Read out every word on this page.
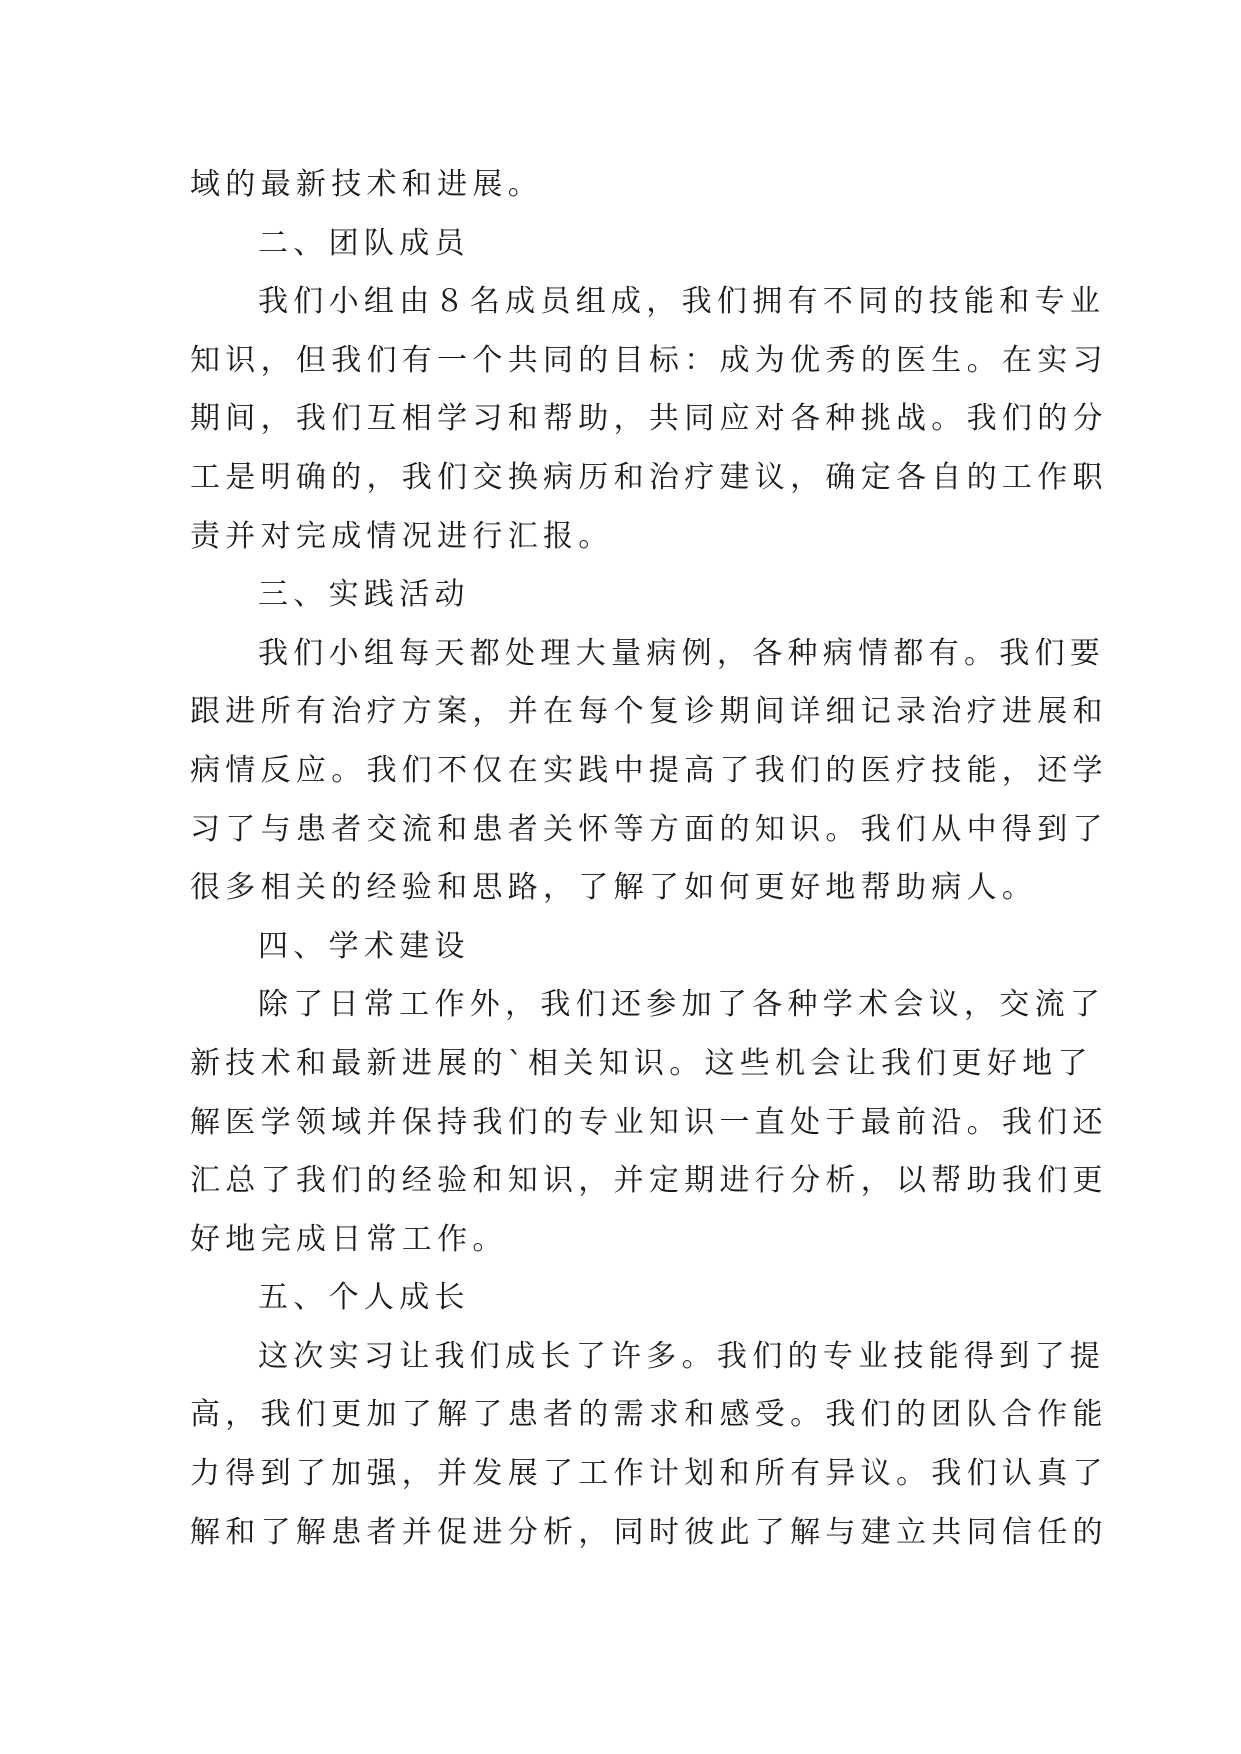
域的最新技术和进展。
二、团队成员
我们小组由８名成员组成，我们拥有不同的技能和专业
知识，但我们有一个共同的目标：成为优秀的医生。在实习
期间，我们互相学习和帮助，共同应对各种挑战。我们的分
工是明确的，我们交换病历和治疗建议，确定各自的工作职
责并对完成情况进行汇报。
三、实践活动
我们小组每天都处理大量病例，各种病情都有。我们要
跟进所有治疗方案，并在每个复诊期间详细记录治疗进展和
病情反应。我们不仅在实践中提高了我们的医疗技能，还学
习了与患者交流和患者关怀等方面的知识。我们从中得到了
很多相关的经验和思路，了解了如何更好地帮助病人。
四、学术建设
除了日常工作外，我们还参加了各种学术会议，交流了
新技术和最新进展的`相关知识。这些机会让我们更好地了
解医学领域并保持我们的专业知识一直处于最前沿。我们还
汇总了我们的经验和知识，并定期进行分析，以帮助我们更
好地完成日常工作。
五、个人成长
这次实习让我们成长了许多。我们的专业技能得到了提
高，我们更加了解了患者的需求和感受。我们的团队合作能
力得到了加强，并发展了工作计划和所有异议。我们认真了
解和了解患者并促进分析，同时彼此了解与建立共同信任的
